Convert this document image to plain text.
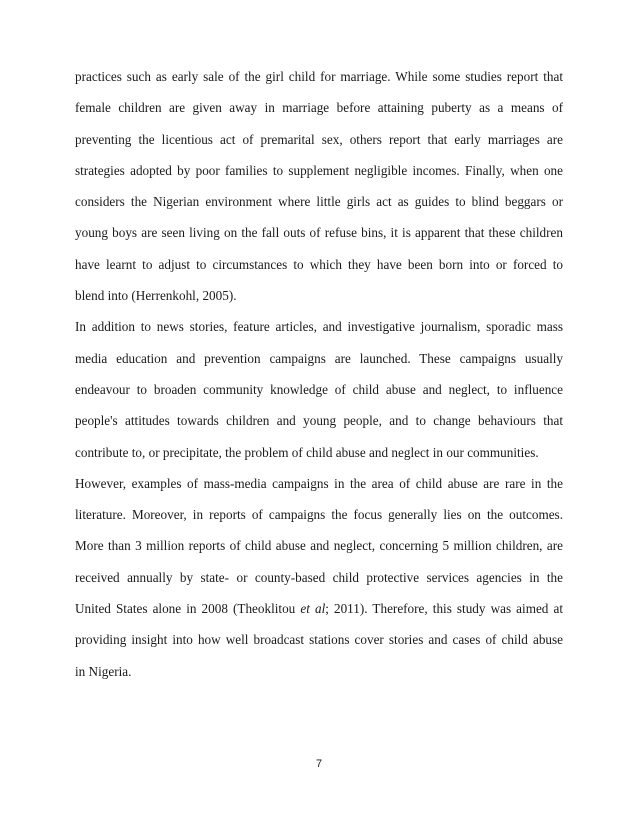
practices such as early sale of the girl child for marriage. While some studies report that
female children are given away in marriage before attaining puberty as a means of
preventing the licentious act of premarital sex, others report that early marriages are
strategies adopted by poor families to supplement negligible incomes. Finally, when one
considers the Nigerian environment where little girls act as guides to blind beggars or
young boys are seen living on the fall outs of refuse bins, it is apparent that these children
have learnt to adjust to circumstances to which they have been born into or forced to
blend into (Herrenkohl, 2005).
In addition to news stories, feature articles, and investigative journalism, sporadic mass
media education and prevention campaigns are launched. These campaigns usually
endeavour to broaden community knowledge of child abuse and neglect, to influence
people's attitudes towards children and young people, and to change behaviours that
contribute to, or precipitate, the problem of child abuse and neglect in our communities.
However, examples of mass-media campaigns in the area of child abuse are rare in the
literature. Moreover, in reports of campaigns the focus generally lies on the outcomes.
More than 3 million reports of child abuse and neglect, concerning 5 million children, are
received annually by state- or county-based child protective services agencies in the
United States alone in 2008 (Theoklitou et al; 2011). Therefore, this study was aimed at
providing insight into how well broadcast stations cover stories and cases of child abuse
in Nigeria.
7
